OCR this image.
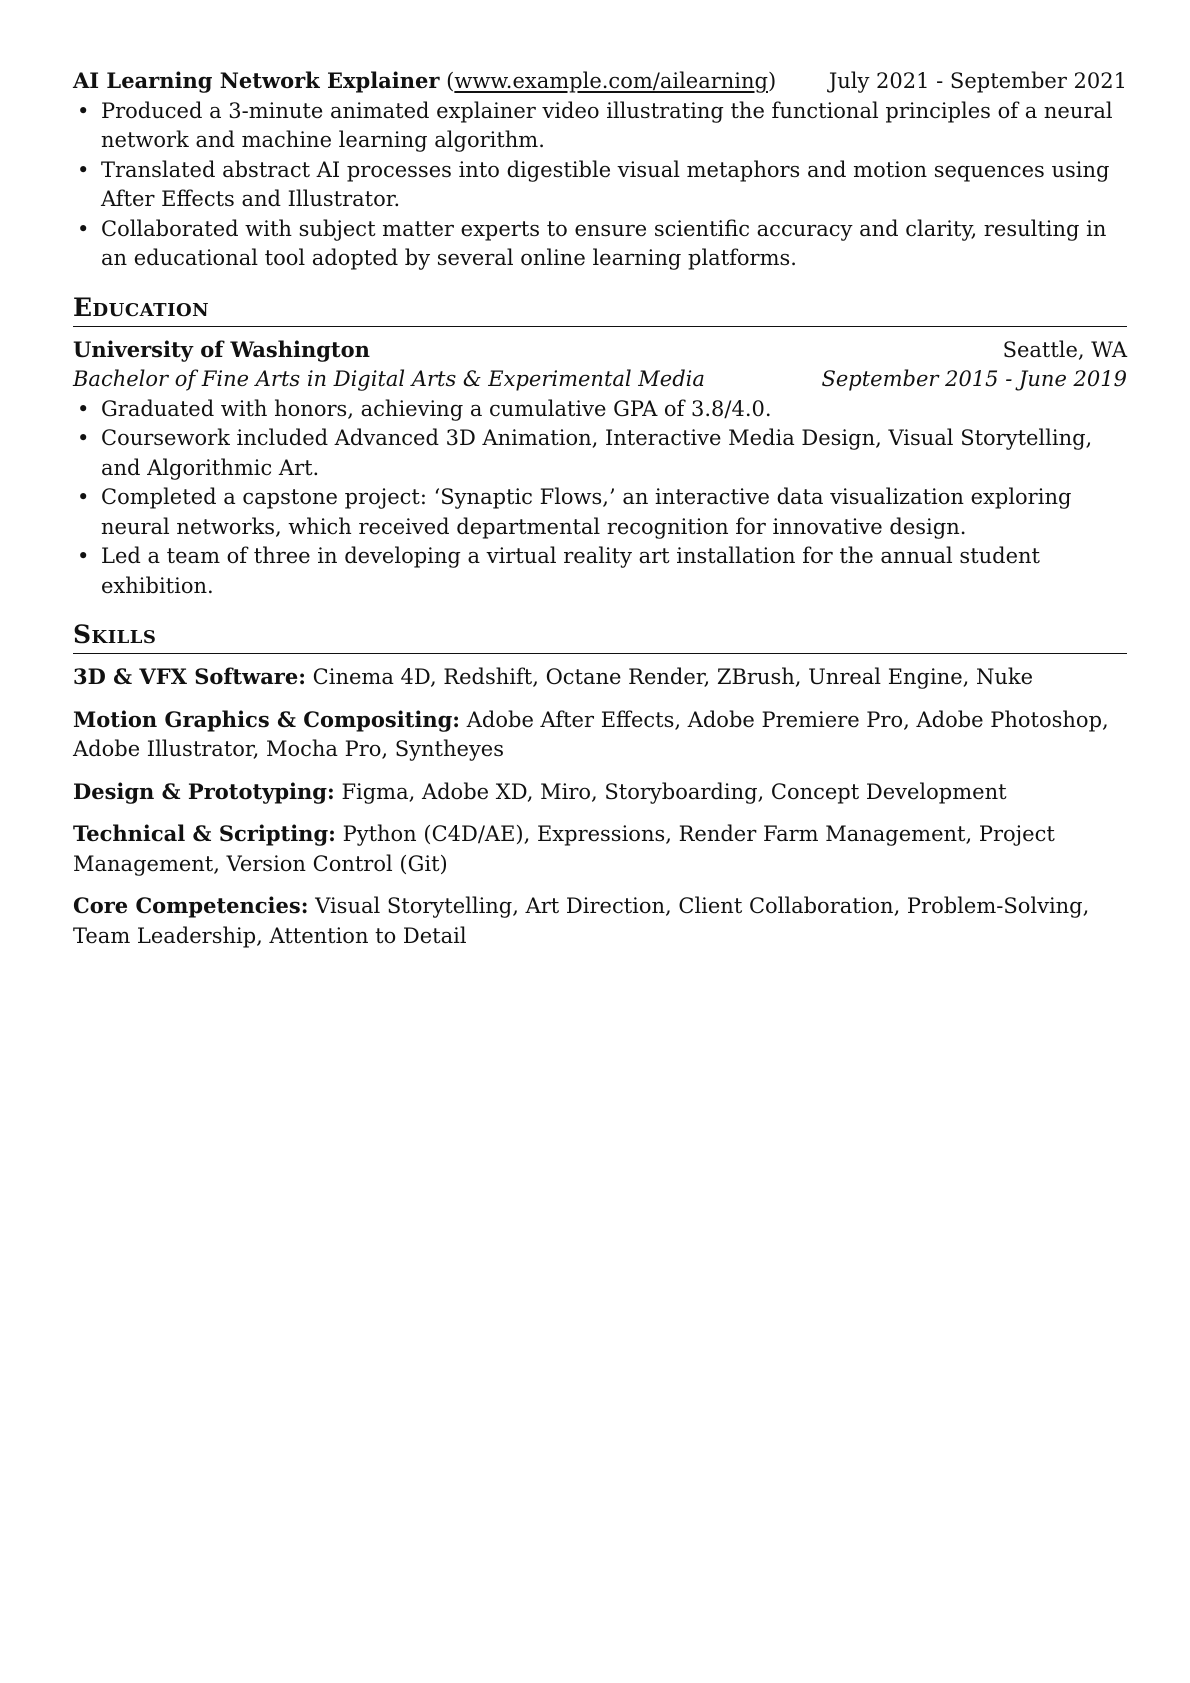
AI Learning Network Explainer (www.example.com/ailearning)	July 2021 - September 2021
• Produced a 3-minute animated explainer video illustrating the functional principles of a neural network and machine learning algorithm.
• Translated abstract AI processes into digestible visual metaphors and motion sequences using After Effects and Illustrator.
• Collaborated with subject matter experts to ensure scientific accuracy and clarity, resulting in an educational tool adopted by several online learning platforms.
Education
University of Washington	Seattle, WA
Bachelor of Fine Arts in Digital Arts & Experimental Media	September 2015 - June 2019
• Graduated with honors, achieving a cumulative GPA of 3.8/4.0.
• Coursework included Advanced 3D Animation, Interactive Media Design, Visual Storytelling, and Algorithmic Art.
• Completed a capstone project: ‘Synaptic Flows,’ an interactive data visualization exploring neural networks, which received departmental recognition for innovative design.
• Led a team of three in developing a virtual reality art installation for the annual student exhibition.
Skills
3D & VFX Software: Cinema 4D, Redshift, Octane Render, ZBrush, Unreal Engine, Nuke
Motion Graphics & Compositing: Adobe After Effects, Adobe Premiere Pro, Adobe Photoshop, Adobe Illustrator, Mocha Pro, Syntheyes
Design & Prototyping: Figma, Adobe XD, Miro, Storyboarding, Concept Development
Technical & Scripting: Python (C4D/AE), Expressions, Render Farm Management, Project Management, Version Control (Git)
Core Competencies: Visual Storytelling, Art Direction, Client Collaboration, Problem-Solving, Team Leadership, Attention to Detail
